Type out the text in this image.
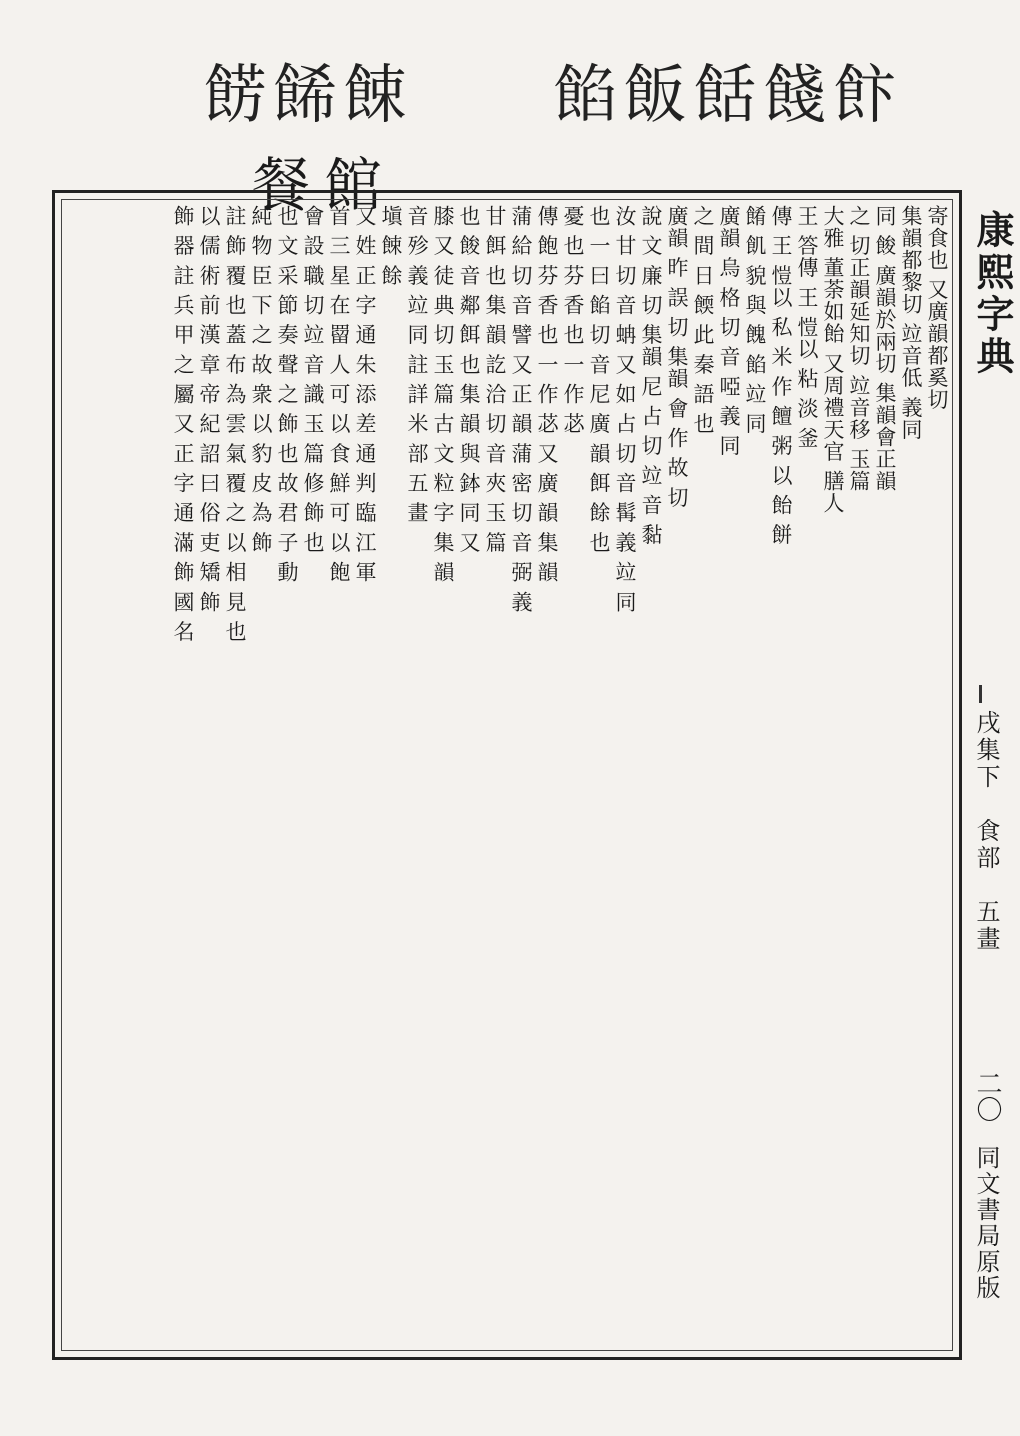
餡飯餂餞飰
餝餙餗
餐館
寄食也 又廣韻都奚切
集韻都黎切 竝音低 義同
同 餕 廣韻於兩切 集韻會正韻
之 切正韻延知切 竝音移 玉篇
大雅 董荼如飴 又周禮天官 膳人
王 答傳 王 愷以 粘 淡 釜
傳 王 愷以 私 米 作 饘 粥 以 飴 餅
餚 飢 貌 與 餽 餡 竝 同
廣韻 烏 格 切 音 啞 義 同
之 間 日 餪 此 秦 語 也
廣韻 昨 誤 切 集韻 會 作 故 切
說 文 廉 切 集韻 尼 占 切 竝 音 黏
汝 甘 切 音 蚺 又 如 占 切 音 髯 義 竝 同
也 一 曰 餡 切 音 尼 廣 韻 餌 餘 也
憂 也 芬 香 也 一 作 苾
傳 飽 芬 香 也 一 作 苾 又 廣 韻 集 韻
蒲 給 切 音 譬 又 正 韻 蒲 密 切 音 弼 義
甘 餌 也 集 韻 訖 洽 切 音 夾 玉 篇
也 餕 音 鄰 餌 也 集 韻 與 鉢 同 又
膝 又 徒 典 切 玉 篇 古 文 粒 字 集 韻
音 殄 義 竝 同 註 詳 米 部 五 畫
塡 餗 餘
又 姓 正 字 通 朱 添 差 通 判 臨 江 軍
首 三 星 在 罶 人 可 以 食 鮮 可 以 飽
會 設 職 切 竝 音 識 玉 篇 修 飾 也
也 文 采 節 奏 聲 之 飾 也 故 君 子 動
純 物 臣 下 之 故 衆 以 豹 皮 為 飾
註 飾 覆 也 蓋 布 為 雲 氣 覆 之 以 相 見 也
以 儒 術 前 漢 章 帝 紀 詔 曰 俗 吏 矯 飾
飾 器 註 兵 甲 之 屬 又 正 字 通 滿 飾 國 名	康熙字典
戌集下　食部　五畫
二〇
同文書局原版
